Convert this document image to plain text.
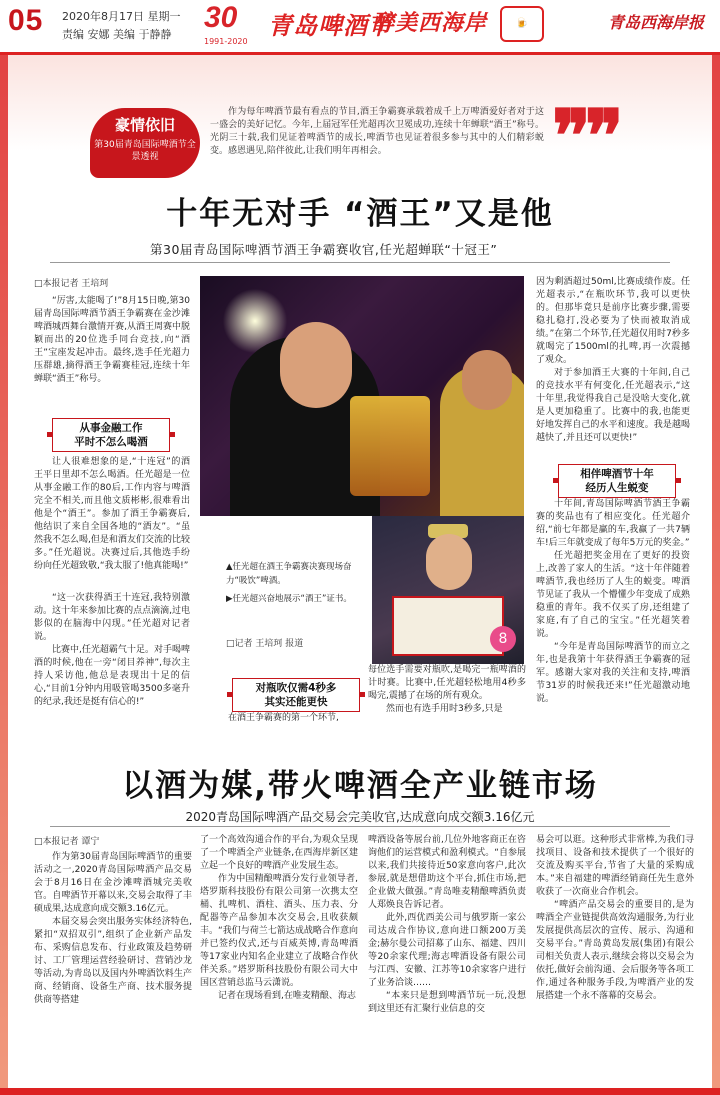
05 2020年8月17日 星期一
责编 安娜 美编 于静静
30
1991-2020
青岛啤酒节
醉美西海岸	🍺	青岛西海岸报
豪情依旧
第30届青岛国际啤酒节全景透视
作为每年啤酒节最有看点的节目,酒王争霸赛承载着成千上万啤酒爱好者对于这一盛会的美好记忆。今年,上届冠军任光超再次卫冕成功,连续十年蝉联“酒王”称号。光阴三十载,我们见证着啤酒节的成长,啤酒节也见证着很多参与其中的人们精彩蜕变。感恩遇见,陪伴彼此,让我们明年再相会。	❞❞
十年无对手 “酒王”又是他
第30届青岛国际啤酒节酒王争霸赛收官,任光超蝉联“十冠王”
□本报记者 王培珂

“厉害,太能喝了!”8月15日晚,第30届青岛国际啤酒节酒王争霸赛在金沙滩啤酒城西舞台激情开赛,从酒王周赛中脱颖而出的20位选手同台竞技,向“酒王”宝座发起冲击。最终,选手任光超力压群雄,摘得酒王争霸赛桂冠,连续十年蝉联“酒王”称号。

从事金融工作
平时不怎么喝酒

让人很难想象的是,“十连冠”的酒王平日里却不怎么喝酒。任光超是一位从事金融工作的80后,工作内容与啤酒完全不相关,而且他文质彬彬,很难看出他是个“酒王”。参加了酒王争霸赛后,他结识了来自全国各地的“酒友”。“虽然我不怎么喝,但是和酒友们交流的比较多。”任光超说。决赛过后,其他选手纷纷向任光超致敬,“我太服了!他真能喝!”

“这一次获得酒王十连冠,我特别激动。这十年来参加比赛的点点滴滴,过电影似的在脑海中闪现。”任光超对记者说。

比赛中,任光超霸气十足。对手喝啤酒的时候,他在一旁“闭目养神”,每次主持人采访他,他总是表现出十足的信心,“目前1分钟内用吸管喝3500多毫升的纪录,我还是挺有信心的!”

▲任光超在酒王争霸赛决赛现场奋力“吸饮”啤酒。
▶任光超兴奋地展示“酒王”证书。
□记者 王培珂 报道	8
对瓶吹仅需4秒多
其实还能更快

在酒王争霸赛的第一个环节,

每位选手需要对瓶吹,是喝完一瓶啤酒的计时赛。比赛中,任光超轻松地用4秒多喝完,震撼了在场的所有观众。

然而也有选手用时3秒多,只是

因为剩酒超过50ml,比赛成绩作废。任光超表示,“在瓶吹环节,我可以更快的。但那毕竟只是前序比赛步骤,需要稳扎稳打,没必要为了快而被取消成绩。”在第二个环节,任光超仅用时7秒多就喝完了1500ml的扎啤,再一次震撼了观众。

对于参加酒王大赛的十年间,自己的竞技水平有何变化,任光超表示,“这十年里,我觉得我自己是没啥大变化,就是人更加稳重了。比赛中的我,也能更好地发挥自己的水平和速度。我是越喝越快了,并且还可以更快!”

相伴啤酒节十年
经历人生蜕变

十年间,青岛国际啤酒节酒王争霸赛的奖品也有了相应变化。任光超介绍,“前七年都是赢的车,我赢了一共7辆车!后三年就变成了每年5万元的奖金。”

任光超把奖金用在了更好的投资上,改善了家人的生活。“这十年伴随着啤酒节,我也经历了人生的蜕变。啤酒节见证了我从一个懵懂少年变成了成熟稳重的青年。我不仅买了房,还组建了家庭,有了自己的宝宝。”任光超笑着说。

“今年是青岛国际啤酒节的而立之年,也是我第十年获得酒王争霸赛的冠军。感谢大家对我的关注和支持,啤酒节31岁的时候我还来!”任光超激动地说。

以酒为媒,带火啤酒全产业链市场
2020青岛国际啤酒产品交易会完美收官,达成意向成交额3.16亿元
□本报记者 谭宁

作为第30届青岛国际啤酒节的重要活动之一,2020青岛国际啤酒产品交易会于8月16日在金沙滩啤酒城完美收官。自啤酒节开幕以来,交易会取得了丰硕成果,达成意向成交额3.16亿元。

本届交易会突出服务实体经济特色,紧扣“双招双引”,组织了企业新产品发布、采购信息发布、行业政策及趋势研讨、工厂管理运营经验研讨、营销沙龙等活动,为青岛以及国内外啤酒饮料生产商、经销商、设备生产商、技术服务提供商等搭建

了一个高效沟通合作的平台,为观众呈现了一个啤酒全产业链条,在西海岸新区建立起一个良好的啤酒产业发展生态。

作为中国精酿啤酒分发行业领导者,塔罗斯科技股份有限公司第一次携太空桶、扎啤机、酒柱、酒头、压力表、分配器等产品参加本次交易会,且收获颇丰。“我们与荷兰七箭达成战略合作意向并已签约仪式,还与百威英博,青岛啤酒等17家业内知名企业建立了战略合作伙伴关系。”塔罗斯科技股份有限公司大中国区营销总监马云潇说。

记者在现场看到,在唯麦精酿、海志

啤酒设备等展台前,几位外地客商正在咨询他们的运营模式和盈利模式。“自参展以来,我们共接待近50家意向客户,此次参展,就是想借助这个平台,抓住市场,把企业做大做强。”青岛唯麦精酿啤酒负责人郑焕良告诉记者。

此外,西优西美公司与俄罗斯一家公司达成合作协议,意向进口额200万美金;赫尔曼公司招募了山东、福建、四川等20余家代理;海志啤酒设备有限公司与江西、安徽、江苏等10余家客户进行了业务洽谈……

“本来只是想到啤酒节玩一玩,没想到这里还有汇聚行业信息的交

易会可以逛。这种形式非常棒,为我们寻找项目、设备和技术提供了一个很好的交流及购买平台,节省了大量的采购成本。”来自福建的啤酒经销商任先生意外收获了一次商业合作机会。

“啤酒产品交易会的重要目的,是为啤酒全产业链提供高效沟通服务,为行业发展提供高层次的宣传、展示、沟通和交易平台。”青岛黄岛发展(集团)有限公司相关负责人表示,继续会将以交易会为依托,做好会前沟通、会后服务等各项工作,通过各种服务手段,为啤酒产业的发展搭建一个永不落幕的交易会。
